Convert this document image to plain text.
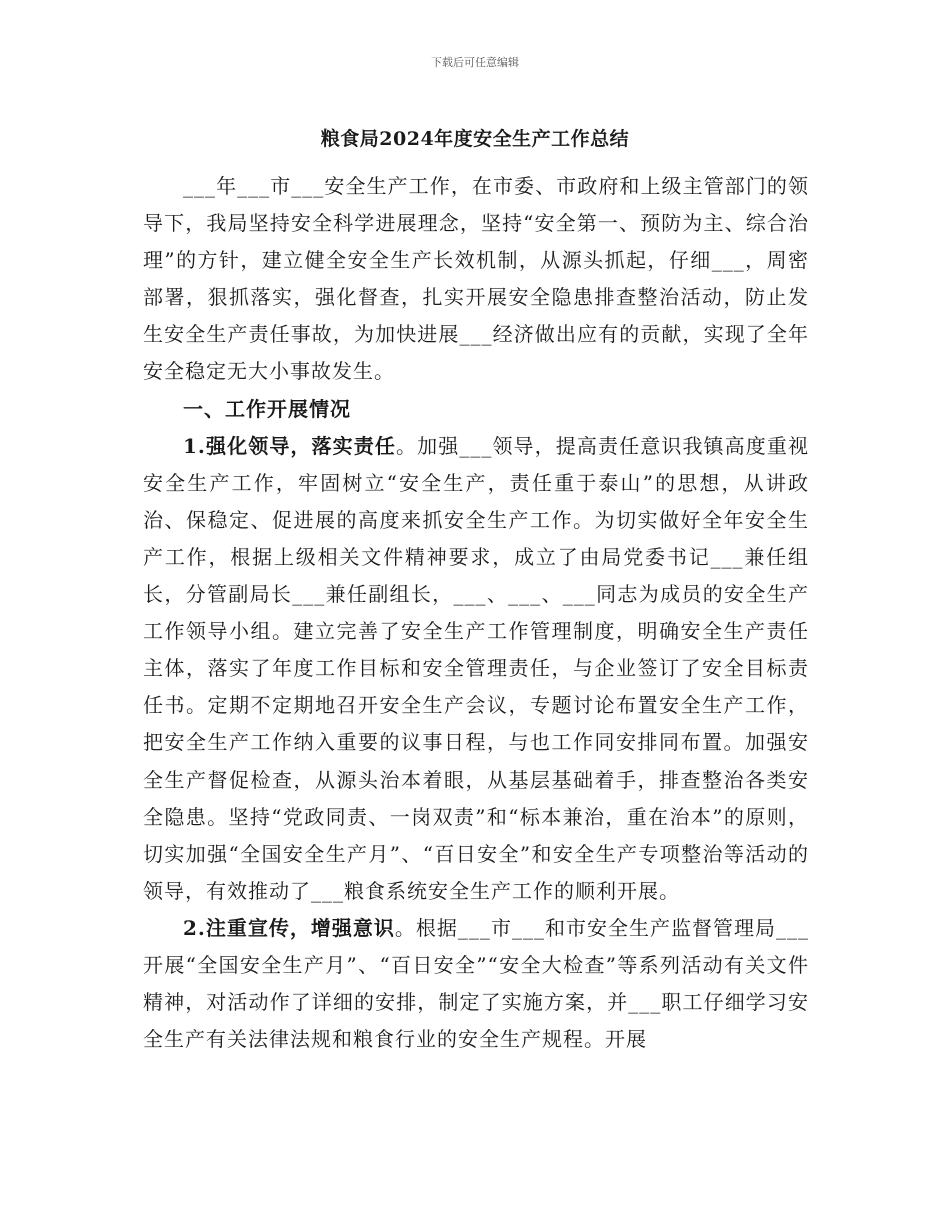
下载后可任意编辑
粮食局2024年度安全生产工作总结

___年___市___安全生产工作，在市委、市政府和上级主管部门的领导下，我局坚持安全科学进展理念，坚持“安全第一、预防为主、综合治理”的方针，建立健全安全生产长效机制，从源头抓起，仔细___，周密部署，狠抓落实，强化督查，扎实开展安全隐患排查整治活动，防止发生安全生产责任事故，为加快进展___经济做出应有的贡献，实现了全年安全稳定无大小事故发生。

一、工作开展情况

1.强化领导，落实责任。加强___领导，提高责任意识我镇高度重视安全生产工作，牢固树立“安全生产，责任重于泰山”的思想，从讲政治、保稳定、促进展的高度来抓安全生产工作。为切实做好全年安全生产工作，根据上级相关文件精神要求，成立了由局党委书记___兼任组长，分管副局长___兼任副组长，___、___、___同志为成员的安全生产工作领导小组。建立完善了安全生产工作管理制度，明确安全生产责任主体，落实了年度工作目标和安全管理责任，与企业签订了安全目标责任书。定期不定期地召开安全生产会议，专题讨论布置安全生产工作，把安全生产工作纳入重要的议事日程，与也工作同安排同布置。加强安全生产督促检查，从源头治本着眼，从基层基础着手，排查整治各类安全隐患。坚持“党政同责、一岗双责”和“标本兼治，重在治本”的原则，切实加强“全国安全生产月”、“百日安全”和安全生产专项整治等活动的领导，有效推动了___粮食系统安全生产工作的顺利开展。

2.注重宣传，增强意识。根据___市___和市安全生产监督管理局___开展“全国安全生产月”、“百日安全”“安全大检查”等系列活动有关文件精神，对活动作了详细的安排，制定了实施方案，并___职工仔细学习安全生产有关法律法规和粮食行业的安全生产规程。开展
